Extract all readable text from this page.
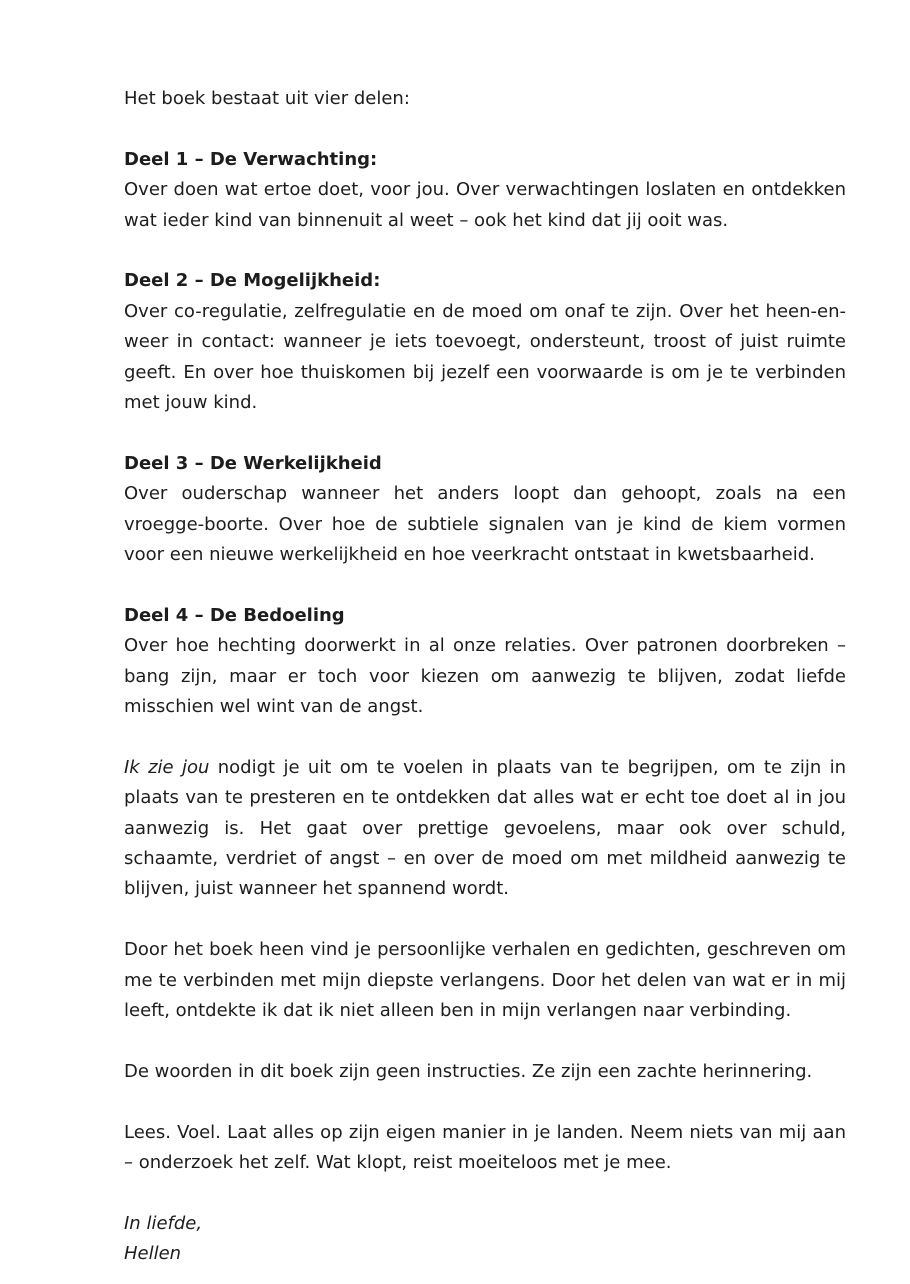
Het boek bestaat uit vier delen:

Deel 1 – De Verwachting:
Over doen wat ertoe doet, voor jou. Over verwachtingen loslaten en ontdekken wat ieder kind van binnenuit al weet – ook het kind dat jij ooit was.

Deel 2 – De Mogelijkheid:
Over co-regulatie, zelfregulatie en de moed om onaf te zijn. Over het heen-en-weer in contact: wanneer je iets toevoegt, ondersteunt, troost of juist ruimte geeft. En over hoe thuiskomen bij jezelf een voorwaarde is om je te verbinden met jouw kind.

Deel 3 – De Werkelijkheid
Over ouderschap wanneer het anders loopt dan gehoopt, zoals na een vroegge-boorte. Over hoe de subtiele signalen van je kind de kiem vormen voor een nieuwe werkelijkheid en hoe veerkracht ontstaat in kwetsbaarheid.

Deel 4 – De Bedoeling
Over hoe hechting doorwerkt in al onze relaties. Over patronen doorbreken – bang zijn, maar er toch voor kiezen om aanwezig te blijven, zodat liefde misschien wel wint van de angst.

Ik zie jou nodigt je uit om te voelen in plaats van te begrijpen, om te zijn in plaats van te presteren en te ontdekken dat alles wat er echt toe doet al in jou aanwezig is. Het gaat over prettige gevoelens, maar ook over schuld, schaamte, verdriet of angst – en over de moed om met mildheid aanwezig te blijven, juist wanneer het spannend wordt.

Door het boek heen vind je persoonlijke verhalen en gedichten, geschreven om me te verbinden met mijn diepste verlangens. Door het delen van wat er in mij leeft, ontdekte ik dat ik niet alleen ben in mijn verlangen naar verbinding.

De woorden in dit boek zijn geen instructies. Ze zijn een zachte herinnering.

Lees. Voel. Laat alles op zijn eigen manier in je landen. Neem niets van mij aan – onderzoek het zelf. Wat klopt, reist moeiteloos met je mee.

In liefde,
Hellen
